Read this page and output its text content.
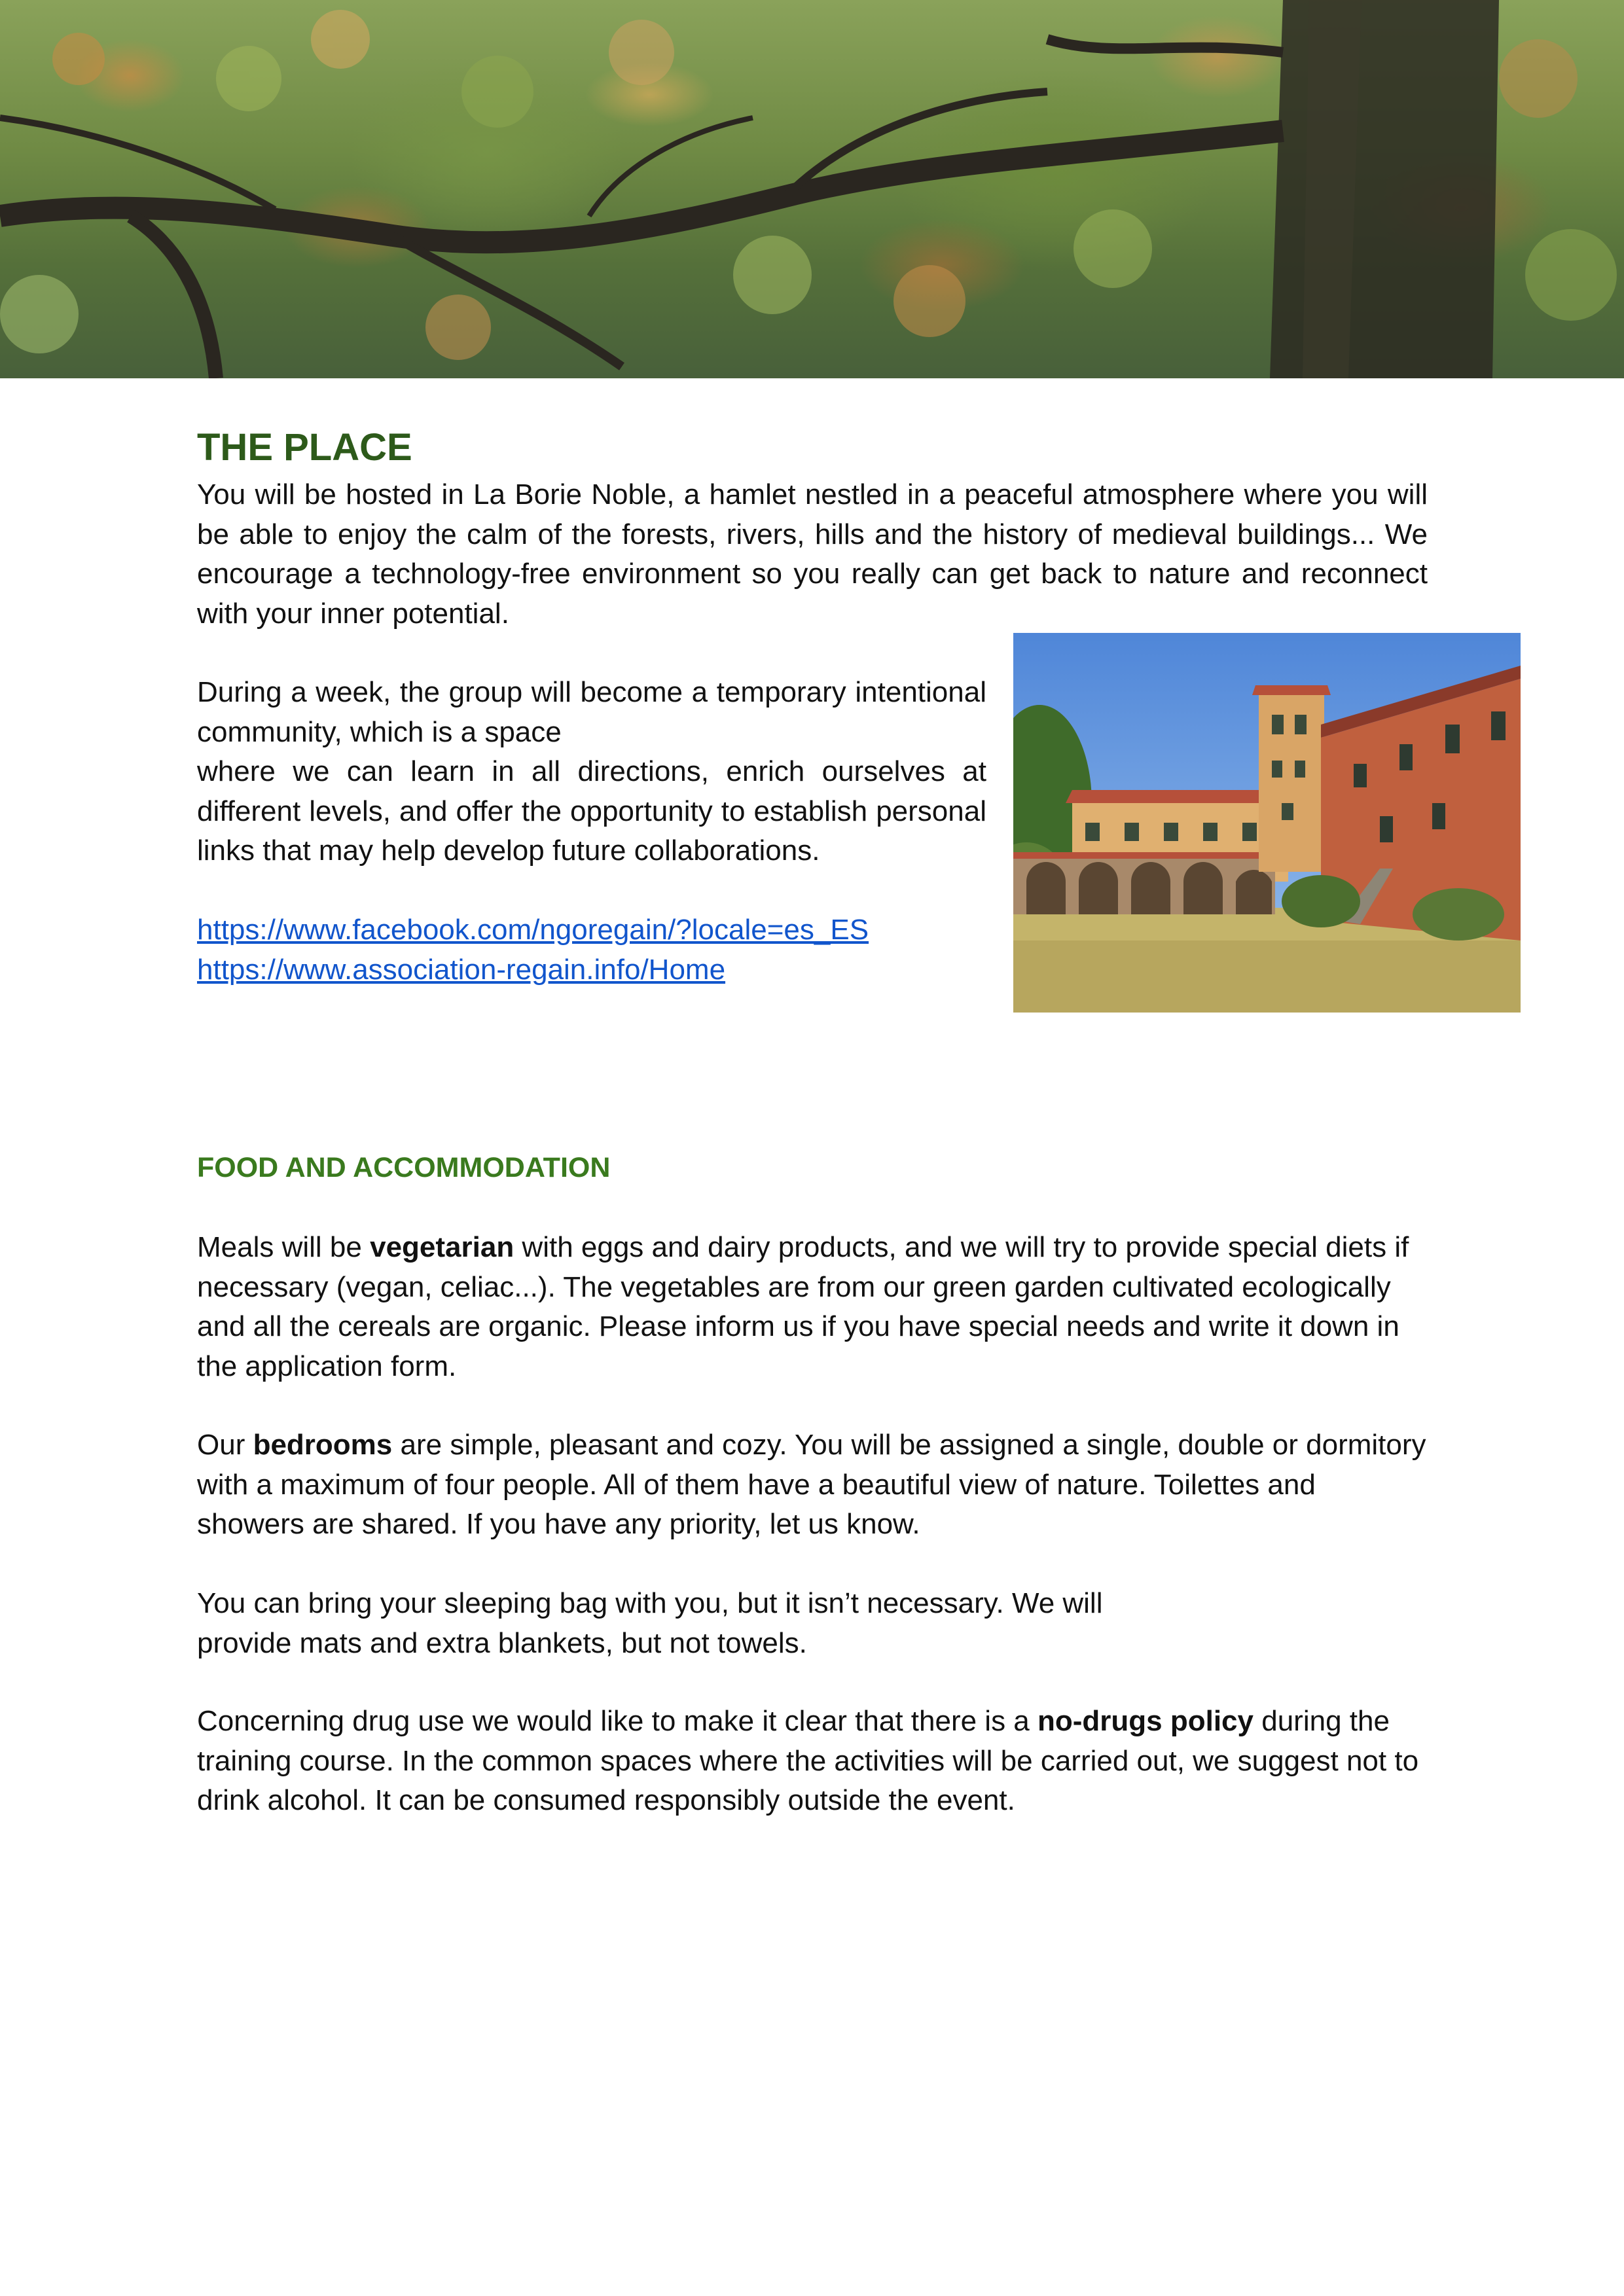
THE PLACE

You will be hosted in La Borie Noble, a hamlet nestled in a peaceful atmosphere where you will be able to enjoy the calm of the forests, rivers, hills and the history of medieval buildings... We encourage a technology-free environment so you really can get back to nature and reconnect with your inner potential.

During a week, the group will become a temporary intentional community, which is a space

where we can learn in all directions, enrich ourselves at different levels, and offer the opportunity to establish personal links that may help develop future collaborations.

https://www.facebook.com/ngoregain/?locale=es_ES
https://www.association-regain.info/Home
FOOD AND ACCOMMODATION

Meals will be vegetarian with eggs and dairy products, and we will try to provide special diets if necessary (vegan, celiac...). The vegetables are from our green garden cultivated ecologically and all the cereals are organic. Please inform us if you have special needs and write it down in the application form.

Our bedrooms are simple, pleasant and cozy. You will be assigned a single, double or dormitory with a maximum of four people. All of them have a beautiful view of nature. Toilettes and showers are shared. If you have any priority, let us know.

You can bring your sleeping bag with you, but it isn’t necessary. We will

provide mats and extra blankets, but not towels.

Concerning drug use we would like to make it clear that there is a no-drugs policy during the training course. In the common spaces where the activities will be carried out, we suggest not to drink alcohol. It can be consumed responsibly outside the event.
